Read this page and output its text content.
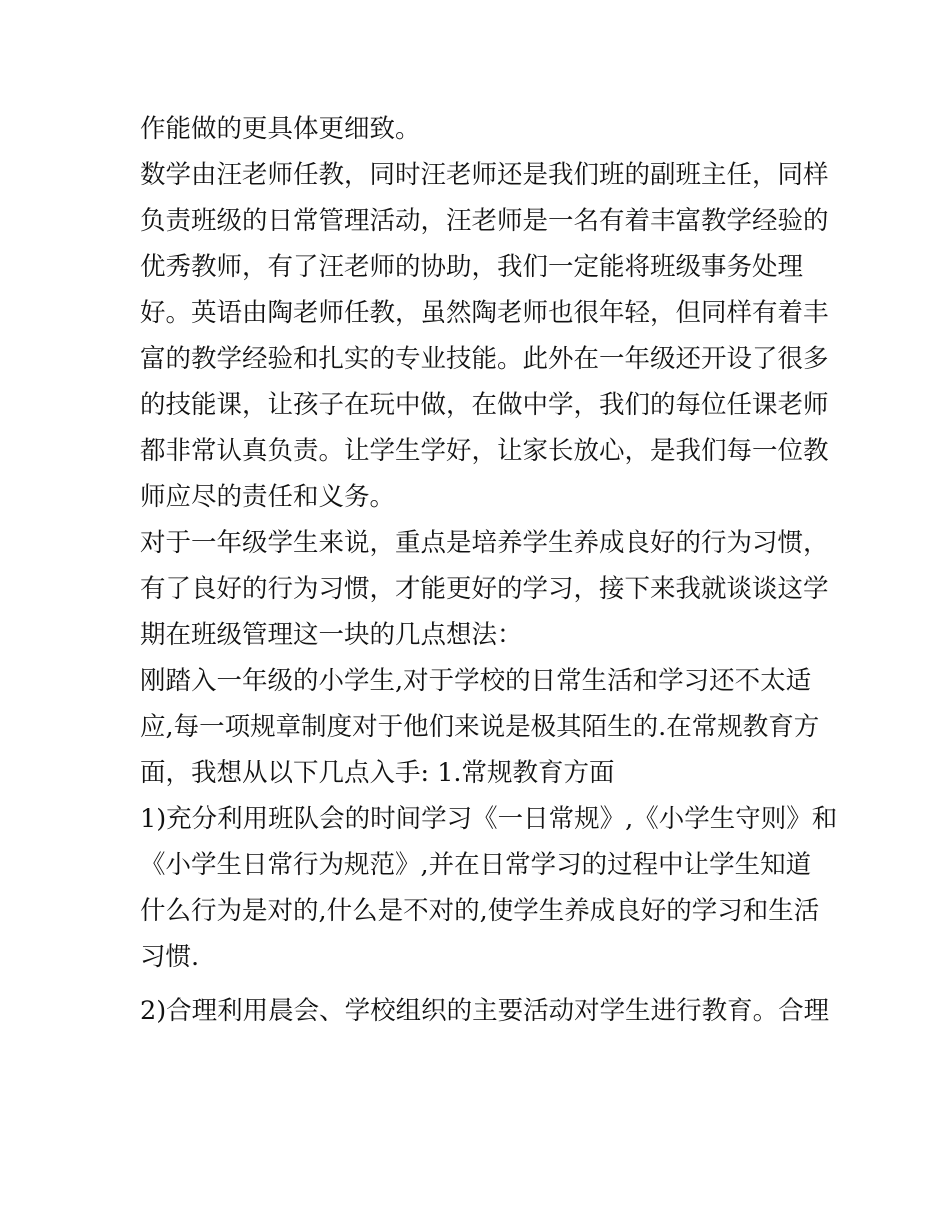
作能做的更具体更细致。
数学由汪老师任教，同时汪老师还是我们班的副班主任，同样
负责班级的日常管理活动，汪老师是一名有着丰富教学经验的
优秀教师，有了汪老师的协助，我们一定能将班级事务处理
好。英语由陶老师任教，虽然陶老师也很年轻，但同样有着丰
富的教学经验和扎实的专业技能。此外在一年级还开设了很多
的技能课，让孩子在玩中做，在做中学，我们的每位任课老师
都非常认真负责。让学生学好，让家长放心，是我们每一位教
师应尽的责任和义务。
对于一年级学生来说，重点是培养学生养成良好的行为习惯，
有了良好的行为习惯，才能更好的学习，接下来我就谈谈这学
期在班级管理这一块的几点想法：
刚踏入一年级的小学生,对于学校的日常生活和学习还不太适
应,每一项规章制度对于他们来说是极其陌生的.在常规教育方
面，我想从以下几点入手: 1.常规教育方面
1)充分利用班队会的时间学习《一日常规》,《小学生守则》和
《小学生日常行为规范》,并在日常学习的过程中让学生知道
什么行为是对的,什么是不对的,使学生养成良好的学习和生活
习惯.
2)合理利用晨会、学校组织的主要活动对学生进行教育。合理
